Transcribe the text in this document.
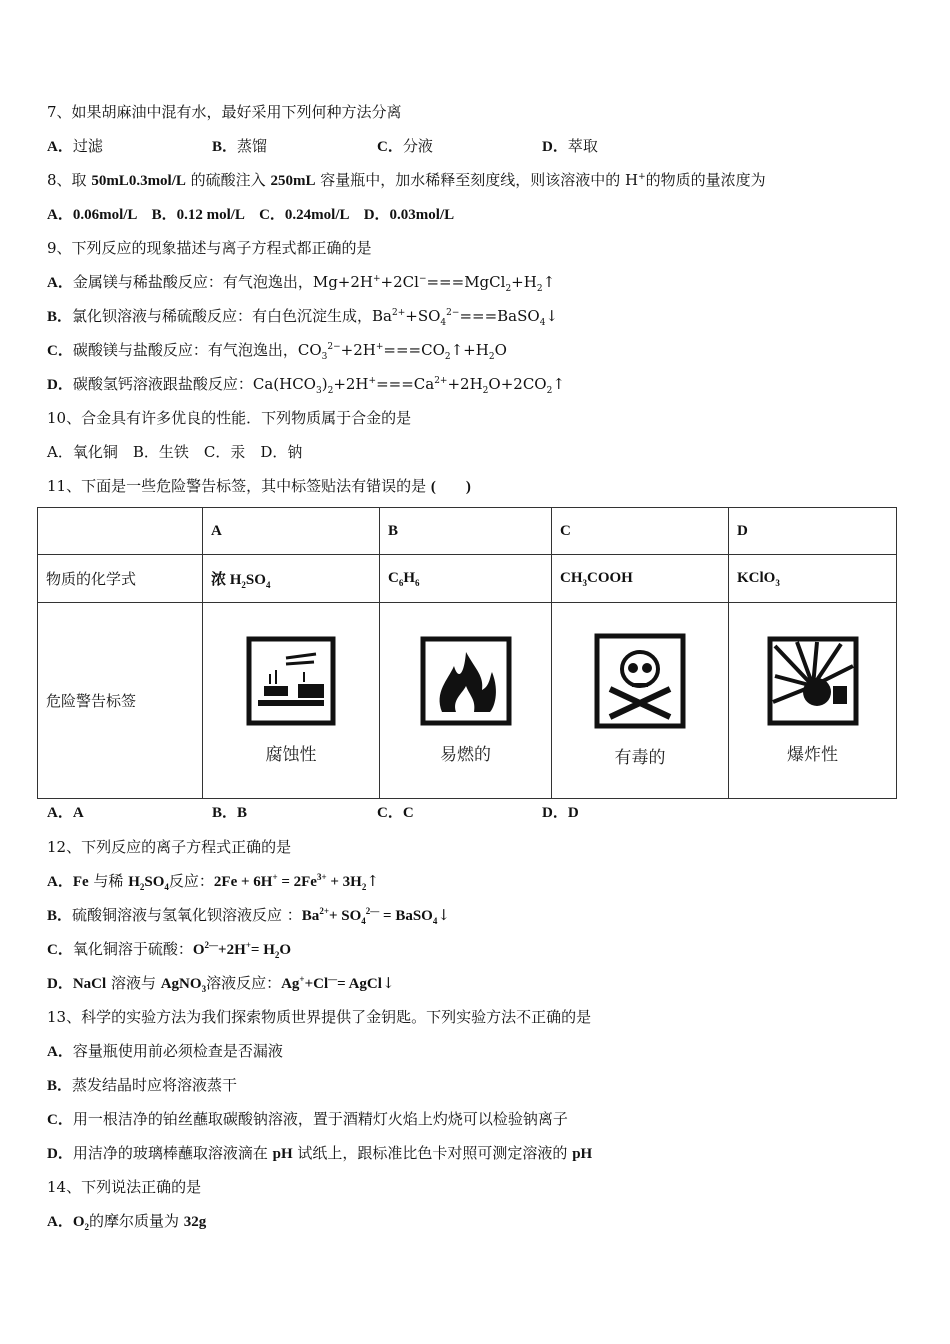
7、如果胡麻油中混有水，最好采用下列何种方法分离
8、取 50mL0.3mol/L 的硫酸注入 250mL 容量瓶中，加水稀释至刻度线，则该溶液中的 H+的物质的量浓度为
A．0.06mol/L　B．0.12 mol/L　C．0.24mol/L　D．0.03mol/L
9、下列反应的现象描述与离子方程式都正确的是
A．金属镁与稀盐酸反应：有气泡逸出，$Mg+2H^++2Cl^-===MgCl_2+H_2↑$
B．氯化钡溶液与稀硫酸反应：有白色沉淀生成，$Ba^{2+}+SO_4^{2-}===BaSO_4↓$
C．碳酸镁与盐酸反应：有气泡逸出，$CO_3^{2-}+2H^+===CO_2↑+H_2O$
D．碳酸氢钙溶液跟盐酸反应：$Ca(HCO_3)_2+2H^+===Ca^{2+}+2H_2O+2CO_2↑$
10、合金具有许多优良的性能．下列物质属于合金的是
A．氧化铜　B．生铁　C．汞　D．钠
11、下面是一些危险警告标签，其中标签贴法有错误的是 (　　)
12、下列反应的离子方程式正确的是
A．Fe 与稀 $H_2SO_4$反应：$2Fe + 6H^+ = 2Fe^{3+}$ + $3H_2↑$
B．硫酸铜溶液与氢氧化钡溶液反应 ：$Ba^{2+}+ SO_4^{2—}$ = BaSO$_4$↓
C．氧化铜溶于硫酸：$O^{2—}+2H^+= H_2O$
D．NaCl 溶液与 AgNO$_3$溶液反应：Ag++Cl—= AgCl↓
13、科学的实验方法为我们探索物质世界提供了金钥匙。下列实验方法不正确的是
A．容量瓶使用前必须检查是否漏液
B．蒸发结晶时应将溶液蒸干
C．用一根洁净的铂丝蘸取碳酸钠溶液，置于酒精灯火焰上灼烧可以检验钠离子
D．用洁净的玻璃棒蘸取溶液滴在 pH 试纸上，跟标准比色卡对照可测定溶液的 pH
14、下列说法正确的是
A．$O_2$的摩尔质量为 32g
A．过滤	B．蒸馏	C．分液	D．萃取
	A	B	C	D
物质的化学式	浓 $H_2SO_4$	$C_6H_6$	$CH_3COOH$	KClO$_3$
危险警告标签	腐蚀性	易燃的	有毒的	爆炸性
A．A	B．B	C．C	D．D
